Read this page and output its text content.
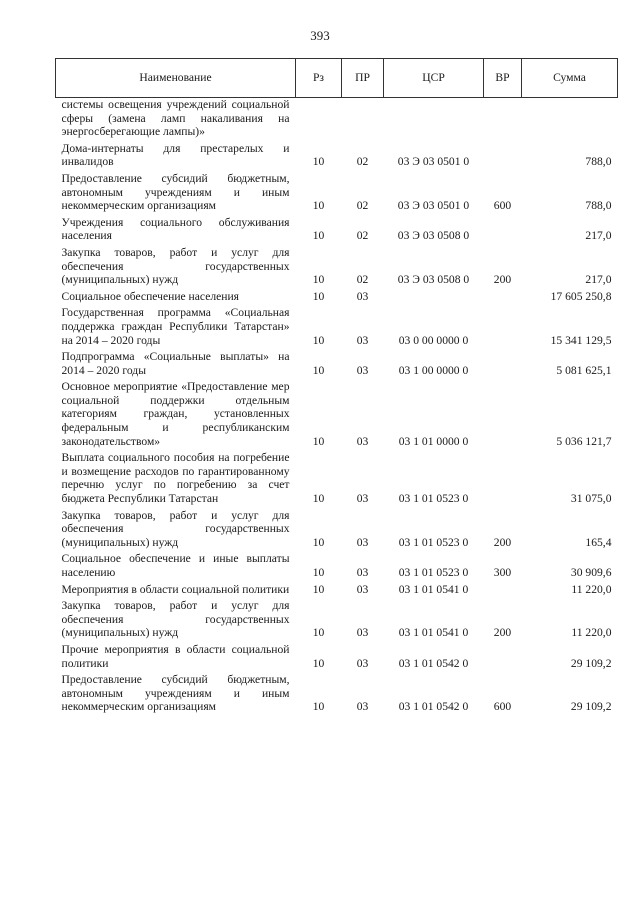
393
Наименование	Рз	ПР	ЦСР	ВР	Сумма
системы освещения учреждений социальной сферы (замена ламп накаливания на энергосберегающие лампы)»					
Дома-интернаты для престарелых и инвалидов	10	02	03 Э 03 0501 0		788,0
Предоставление субсидий бюджетным, автономным учреждениям и иным некоммерческим организациям	10	02	03 Э 03 0501 0	600	788,0
Учреждения социального обслуживания населения	10	02	03 Э 03 0508 0		217,0
Закупка товаров, работ и услуг для обеспечения государственных (муниципальных) нужд	10	02	03 Э 03 0508 0	200	217,0
Социальное обеспечение населения	10	03			17 605 250,8
Государственная программа «Социальная поддержка граждан Республики Татарстан» на 2014 – 2020 годы	10	03	03 0 00 0000 0		15 341 129,5
Подпрограмма «Социальные выплаты» на 2014 – 2020 годы	10	03	03 1 00 0000 0		5 081 625,1
Основное мероприятие «Предоставление мер социальной поддержки отдельным категориям граждан, установленных федеральным и республиканским законодательством»	10	03	03 1 01 0000 0		5 036 121,7
Выплата социального пособия на погребение и возмещение расходов по гарантированному перечню услуг по погребению за счет бюджета Республики Татарстан	10	03	03 1 01 0523 0		31 075,0
Закупка товаров, работ и услуг для обеспечения государственных (муниципальных) нужд	10	03	03 1 01 0523 0	200	165,4
Социальное обеспечение и иные выплаты населению	10	03	03 1 01 0523 0	300	30 909,6
Мероприятия в области социальной политики	10	03	03 1 01 0541 0		11 220,0
Закупка товаров, работ и услуг для обеспечения государственных (муниципальных) нужд	10	03	03 1 01 0541 0	200	11 220,0
Прочие мероприятия в области социальной политики	10	03	03 1 01 0542 0		29 109,2
Предоставление субсидий бюджетным, автономным учреждениям и иным некоммерческим организациям	10	03	03 1 01 0542 0	600	29 109,2
